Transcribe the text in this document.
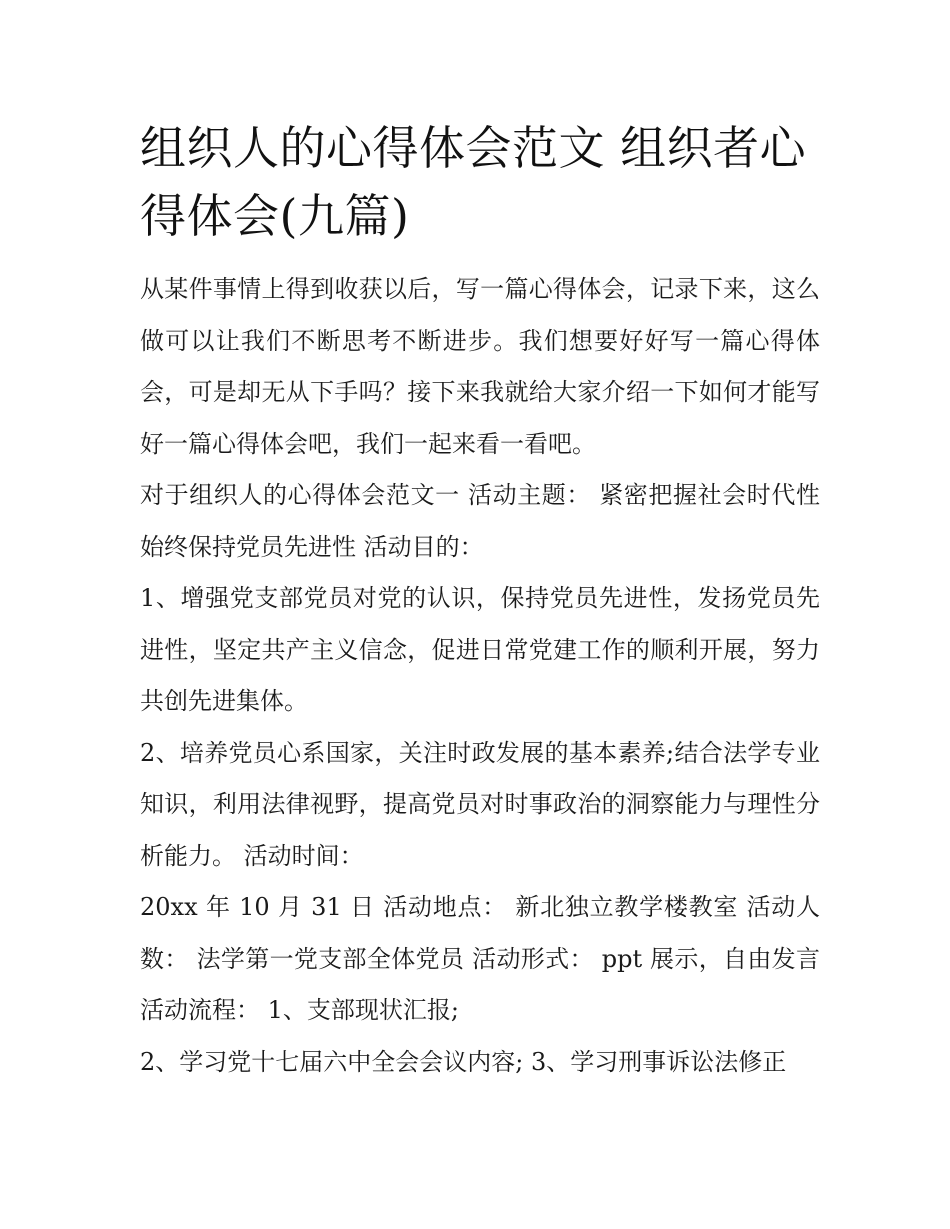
组织人的心得体会范文 组织者心得体会(九篇)

从某件事情上得到收获以后，写一篇心得体会，记录下来，这么做可以让我们不断思考不断进步。我们想要好好写一篇心得体会，可是却无从下手吗？接下来我就给大家介绍一下如何才能写好一篇心得体会吧，我们一起来看一看吧。

对于组织人的心得体会范文一 活动主题： 紧密把握社会时代性始终保持党员先进性 活动目的：

1、增强党支部党员对党的认识，保持党员先进性，发扬党员先进性，坚定共产主义信念，促进日常党建工作的顺利开展，努力共创先进集体。

2、培养党员心系国家，关注时政发展的基本素养;结合法学专业知识，利用法律视野，提高党员对时事政治的洞察能力与理性分析能力。 活动时间：

20xx 年 10 月 31 日 活动地点： 新北独立教学楼教室 活动人数： 法学第一党支部全体党员 活动形式： ppt 展示，自由发言 活动流程： 1、支部现状汇报;

2、学习党十七届六中全会会议内容; 3、学习刑事诉讼法修正
